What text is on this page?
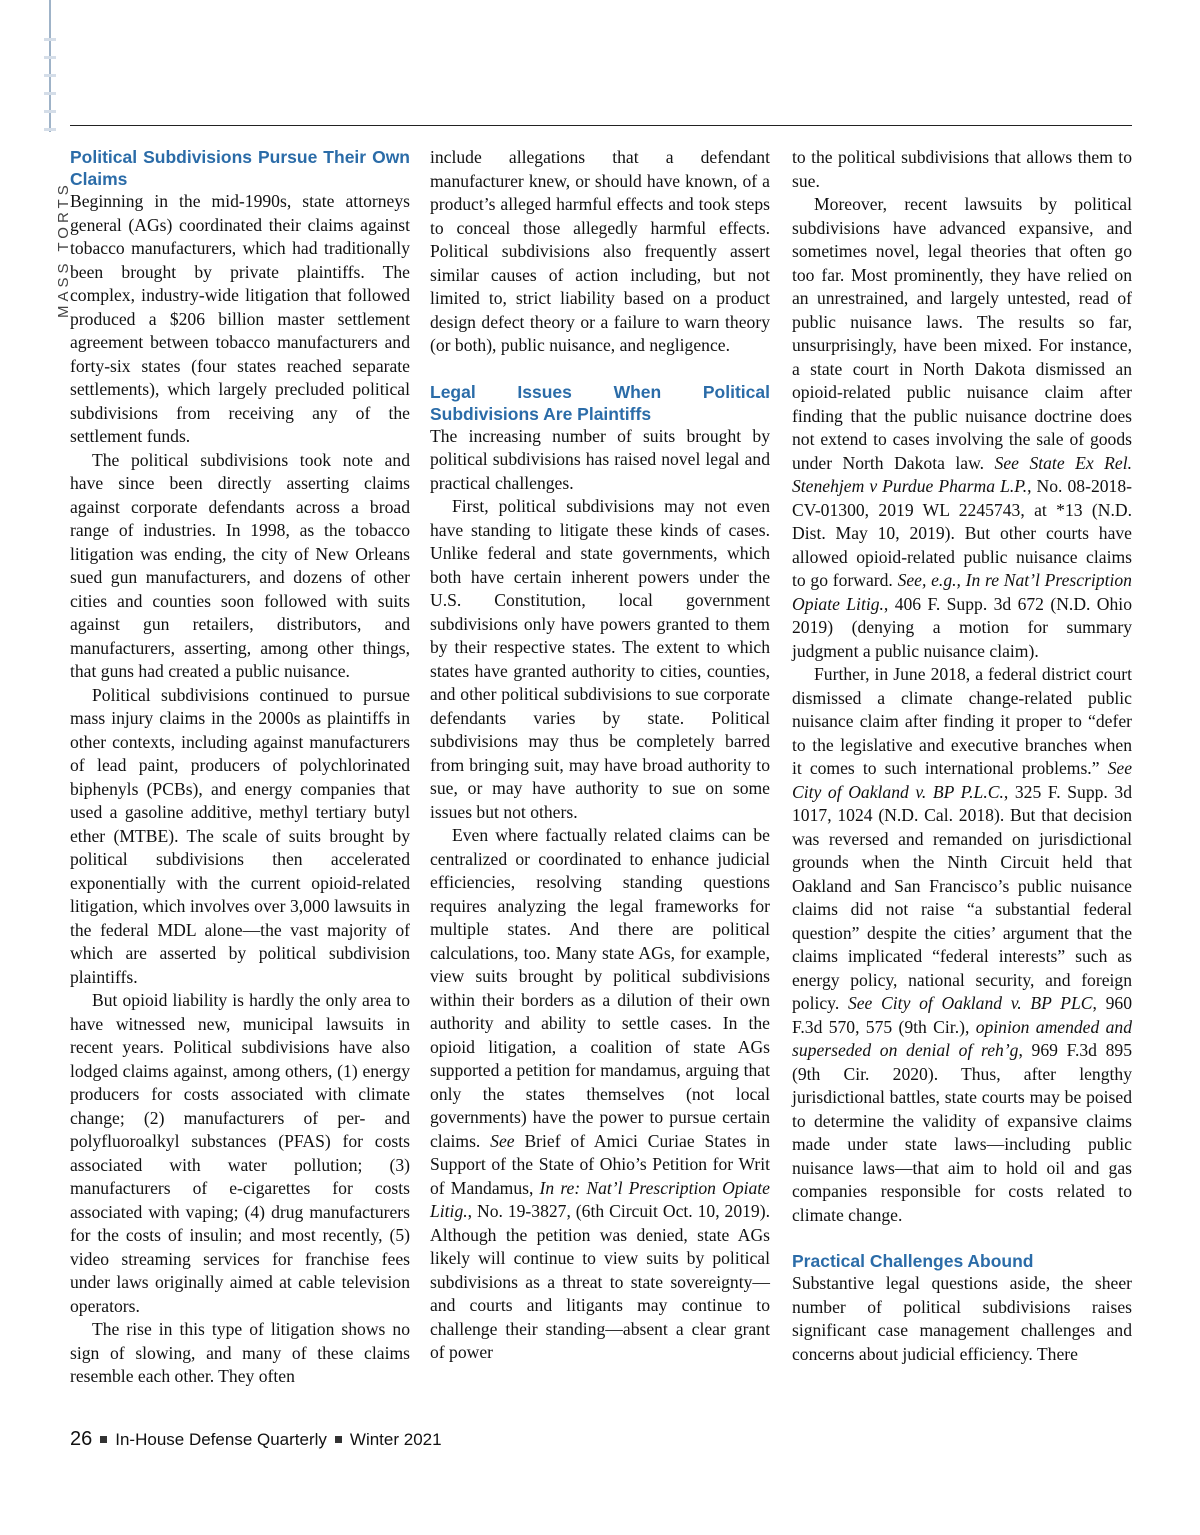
MASS TORTS
Political Subdivisions Pursue Their Own Claims

Beginning in the mid-1990s, state attorneys general (AGs) coordinated their claims against tobacco manufacturers, which had traditionally been brought by private plaintiffs. The complex, industry-wide litigation that followed produced a $206 billion master settlement agreement between tobacco manufacturers and forty-six states (four states reached separate settlements), which largely precluded political subdivisions from receiving any of the settlement funds.

The political subdivisions took note and have since been directly asserting claims against corporate defendants across a broad range of industries. In 1998, as the tobacco litigation was ending, the city of New Orleans sued gun manufacturers, and dozens of other cities and counties soon followed with suits against gun retailers, distributors, and manufacturers, asserting, among other things, that guns had created a public nuisance.

Political subdivisions continued to pursue mass injury claims in the 2000s as plaintiffs in other contexts, including against manufacturers of lead paint, producers of polychlorinated biphenyls (PCBs), and energy companies that used a gasoline additive, methyl tertiary butyl ether (MTBE). The scale of suits brought by political subdivisions then accelerated exponentially with the current opioid-related litigation, which involves over 3,000 lawsuits in the federal MDL alone—the vast majority of which are asserted by political subdivision plaintiffs.

But opioid liability is hardly the only area to have witnessed new, municipal lawsuits in recent years. Political subdivisions have also lodged claims against, among others, (1) energy producers for costs associated with climate change; (2) manufacturers of per- and polyfluoroalkyl substances (PFAS) for costs associated with water pollution; (3) manufacturers of e-cigarettes for costs associated with vaping; (4) drug manufacturers for the costs of insulin; and most recently, (5) video streaming services for franchise fees under laws originally aimed at cable television operators.

The rise in this type of litigation shows no sign of slowing, and many of these claims resemble each other. They often

include allegations that a defendant manufacturer knew, or should have known, of a product’s alleged harmful effects and took steps to conceal those allegedly harmful effects. Political subdivisions also frequently assert similar causes of action including, but not limited to, strict liability based on a product design defect theory or a failure to warn theory (or both), public nuisance, and negligence.

Legal Issues When Political Subdivisions Are Plaintiffs

The increasing number of suits brought by political subdivisions has raised novel legal and practical challenges.

First, political subdivisions may not even have standing to litigate these kinds of cases. Unlike federal and state governments, which both have certain inherent powers under the U.S. Constitution, local government subdivisions only have powers granted to them by their respective states. The extent to which states have granted authority to cities, counties, and other political subdivisions to sue corporate defendants varies by state. Political subdivisions may thus be completely barred from bringing suit, may have broad authority to sue, or may have authority to sue on some issues but not others.

Even where factually related claims can be centralized or coordinated to enhance judicial efficiencies, resolving standing questions requires analyzing the legal frameworks for multiple states. And there are political calculations, too. Many state AGs, for example, view suits brought by political subdivisions within their borders as a dilution of their own authority and ability to settle cases. In the opioid litigation, a coalition of state AGs supported a petition for mandamus, arguing that only the states themselves (not local governments) have the power to pursue certain claims. See Brief of Amici Curiae States in Support of the State of Ohio’s Petition for Writ of Mandamus, In re: Nat’l Prescription Opiate Litig., No. 19-3827, (6th Circuit Oct. 10, 2019). Although the petition was denied, state AGs likely will continue to view suits by political subdivisions as a threat to state sovereignty—and courts and litigants may continue to challenge their standing—absent a clear grant of power

to the political subdivisions that allows them to sue.

Moreover, recent lawsuits by political subdivisions have advanced expansive, and sometimes novel, legal theories that often go too far. Most prominently, they have relied on an unrestrained, and largely untested, read of public nuisance laws. The results so far, unsurprisingly, have been mixed. For instance, a state court in North Dakota dismissed an opioid-related public nuisance claim after finding that the public nuisance doctrine does not extend to cases involving the sale of goods under North Dakota law. See State Ex Rel. Stenehjem v Purdue Pharma L.P., No. 08-2018-CV-01300, 2019 WL 2245743, at *13 (N.D. Dist. May 10, 2019). But other courts have allowed opioid-related public nuisance claims to go forward. See, e.g., In re Nat’l Prescription Opiate Litig., 406 F. Supp. 3d 672 (N.D. Ohio 2019) (denying a motion for summary judgment a public nuisance claim).

Further, in June 2018, a federal district court dismissed a climate change-related public nuisance claim after finding it proper to “defer to the legislative and executive branches when it comes to such international problems.” See City of Oakland v. BP P.L.C., 325 F. Supp. 3d 1017, 1024 (N.D. Cal. 2018). But that decision was reversed and remanded on jurisdictional grounds when the Ninth Circuit held that Oakland and San Francisco’s public nuisance claims did not raise “a substantial federal question” despite the cities’ argument that the claims implicated “federal interests” such as energy policy, national security, and foreign policy. See City of Oakland v. BP PLC, 960 F.3d 570, 575 (9th Cir.), opinion amended and superseded on denial of reh’g, 969 F.3d 895 (9th Cir. 2020). Thus, after lengthy jurisdictional battles, state courts may be poised to determine the validity of expansive claims made under state laws—including public nuisance laws—that aim to hold oil and gas companies responsible for costs related to climate change.

Practical Challenges Abound

Substantive legal questions aside, the sheer number of political subdivisions raises significant case management challenges and concerns about judicial efficiency. There

26 In-House Defense Quarterly Winter 2021
